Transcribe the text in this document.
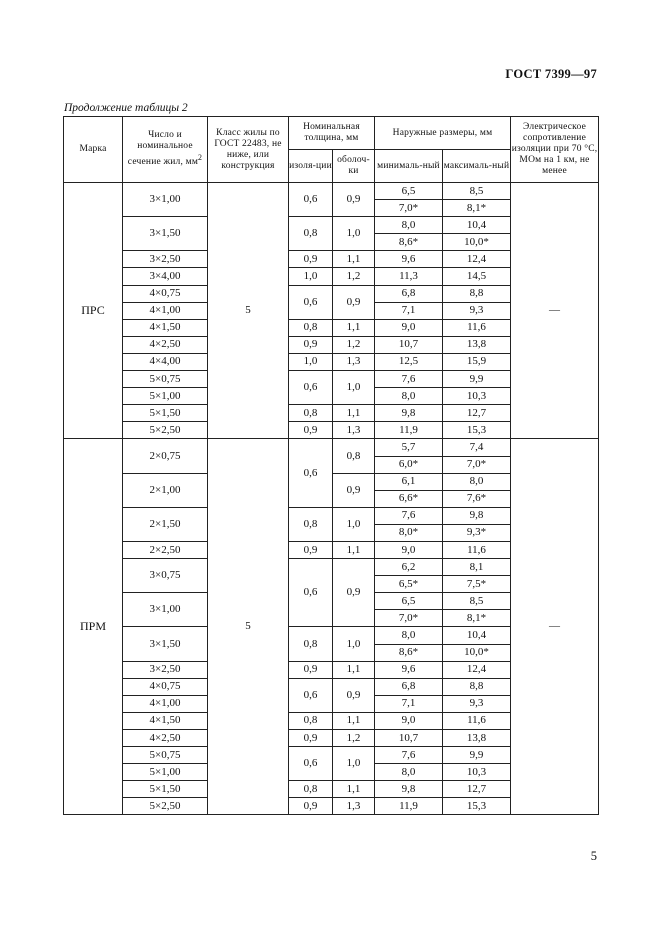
ГОСТ 7399—97
Продолжение таблицы 2
Марка	Число и номинальное сечение жил, $мм^2$	Класс жилы по ГОСТ 22483, не ниже, или конструкция	Номинальная толщина, мм		Наружные размеры, мм		Электрическое сопротивление изоляции при 70 °С, МОм на 1 км, не менее
			изоля-ции	оболоч-ки	минималь-ный	максималь-ный	
ПРС	3×1,00	5	0,6	0,9	6,5	8,5	—
					7,0*	8,1*	
	3×1,50		0,8	1,0	8,0	10,4	
					8,6*	10,0*	
	3×2,50		0,9	1,1	9,6	12,4	
	3×4,00		1,0	1,2	11,3	14,5	
	4×0,75		0,6	0,9	6,8	8,8	
	4×1,00				7,1	9,3	
	4×1,50		0,8	1,1	9,0	11,6	
	4×2,50		0,9	1,2	10,7	13,8	
	4×4,00		1,0	1,3	12,5	15,9	
	5×0,75		0,6	1,0	7,6	9,9	
	5×1,00				8,0	10,3	
	5×1,50		0,8	1,1	9,8	12,7	
	5×2,50		0,9	1,3	11,9	15,3	
ПРМ	2×0,75	5	0,6	0,8	5,7	7,4	—
					6,0*	7,0*	
	2×1,00			0,9	6,1	8,0	
					6,6*	7,6*	
	2×1,50		0,8	1,0	7,6	9,8	
					8,0*	9,3*	
	2×2,50		0,9	1,1	9,0	11,6	
	3×0,75		0,6	0,9	6,2	8,1	
					6,5*	7,5*	
	3×1,00				6,5	8,5	
					7,0*	8,1*	
	3×1,50		0,8	1,0	8,0	10,4	
					8,6*	10,0*	
	3×2,50		0,9	1,1	9,6	12,4	
	4×0,75		0,6	0,9	6,8	8,8	
	4×1,00				7,1	9,3	
	4×1,50		0,8	1,1	9,0	11,6	
	4×2,50		0,9	1,2	10,7	13,8	
	5×0,75		0,6	1,0	7,6	9,9	
	5×1,00				8,0	10,3	
	5×1,50		0,8	1,1	9,8	12,7	
	5×2,50		0,9	1,3	11,9	15,3	
5
